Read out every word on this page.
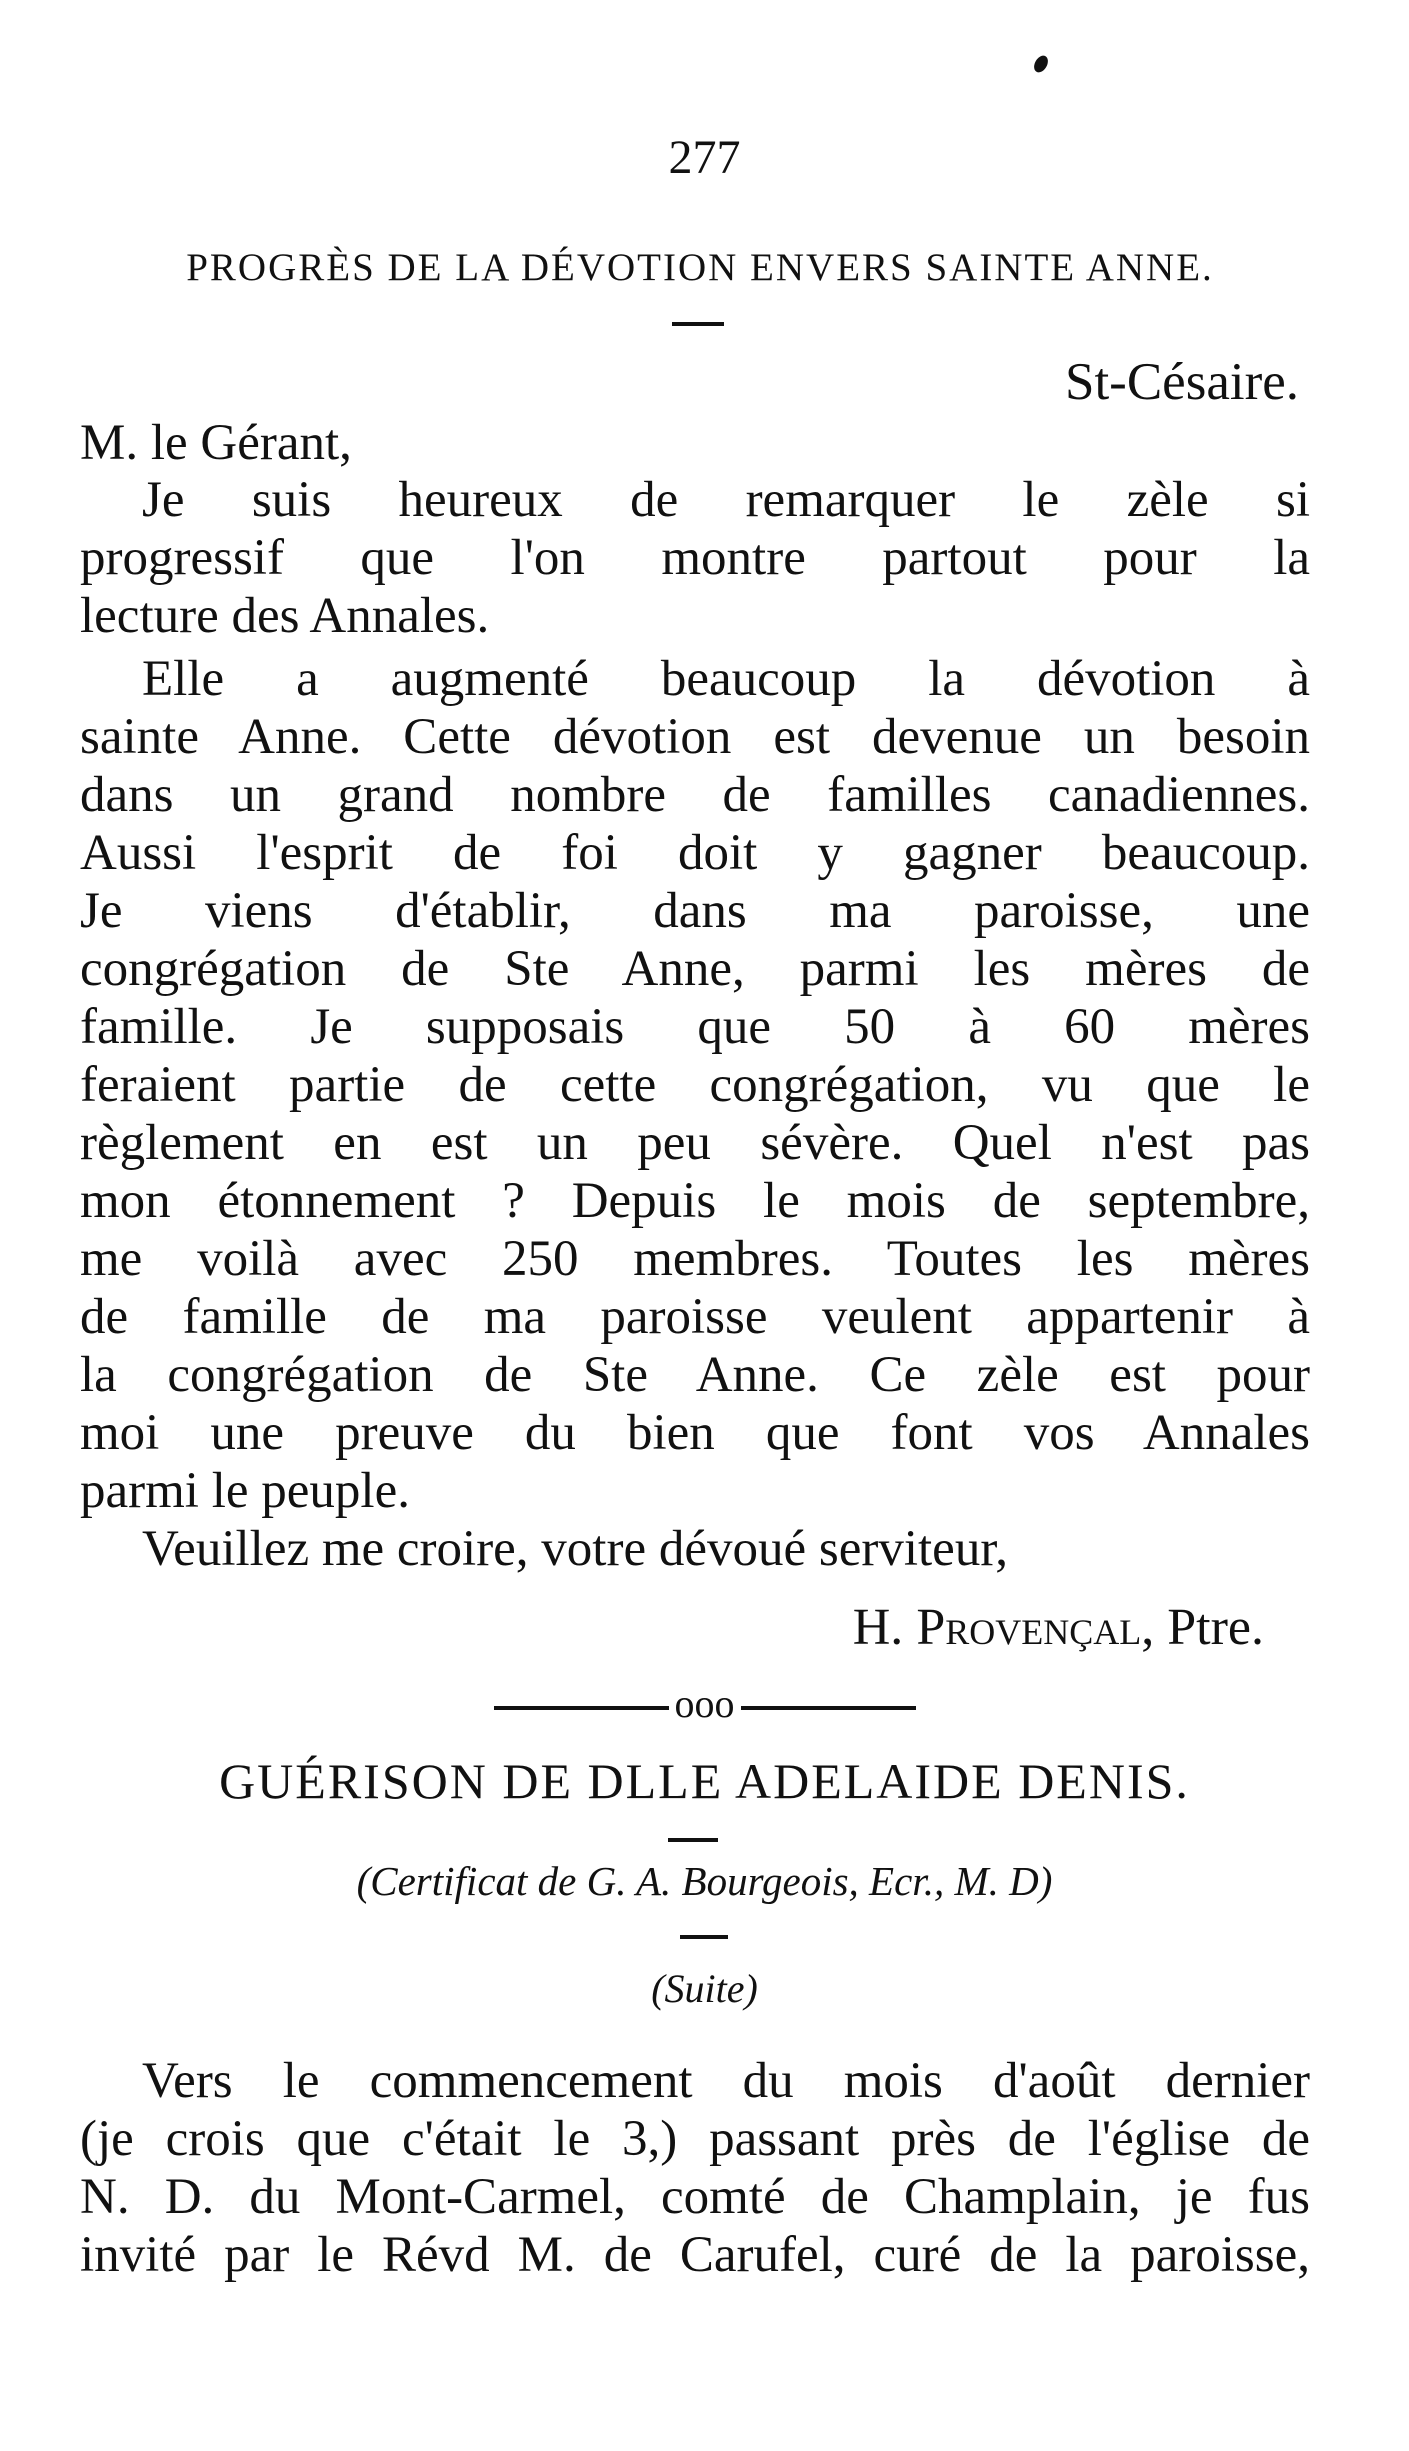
277
PROGRÈS DE LA DÉVOTION ENVERS SAINTE ANNE.
St-Césaire.
M. le Gérant,
Je suis heureux de remarquer le zèle si
progressif que l'on montre partout pour la
lecture des Annales.
Elle a augmenté beaucoup la dévotion à
sainte Anne. Cette dévotion est devenue un besoin
dans un grand nombre de familles canadiennes.
Aussi l'esprit de foi doit y gagner beaucoup.
Je viens d'établir, dans ma paroisse, une
congrégation de Ste Anne, parmi les mères de
famille. Je supposais que 50 à 60 mères
feraient partie de cette congrégation, vu que le
règlement en est un peu sévère. Quel n'est pas
mon étonnement ? Depuis le mois de septembre,
me voilà avec 250 membres. Toutes les mères
de famille de ma paroisse veulent appartenir à
la congrégation de Ste Anne. Ce zèle est pour
moi une preuve du bien que font vos Annales
parmi le peuple.
Veuillez me croire, votre dévoué serviteur,
H. Provençal, Ptre.
ooo
GUÉRISON DE DLLE ADELAIDE DENIS.
(Certificat de G. A. Bourgeois, Ecr., M. D)
(Suite)
Vers le commencement du mois d'août dernier
(je crois que c'était le 3,) passant près de l'église de
N. D. du Mont-Carmel, comté de Champlain, je fus
invité par le Révd M. de Carufel, curé de la paroisse,
